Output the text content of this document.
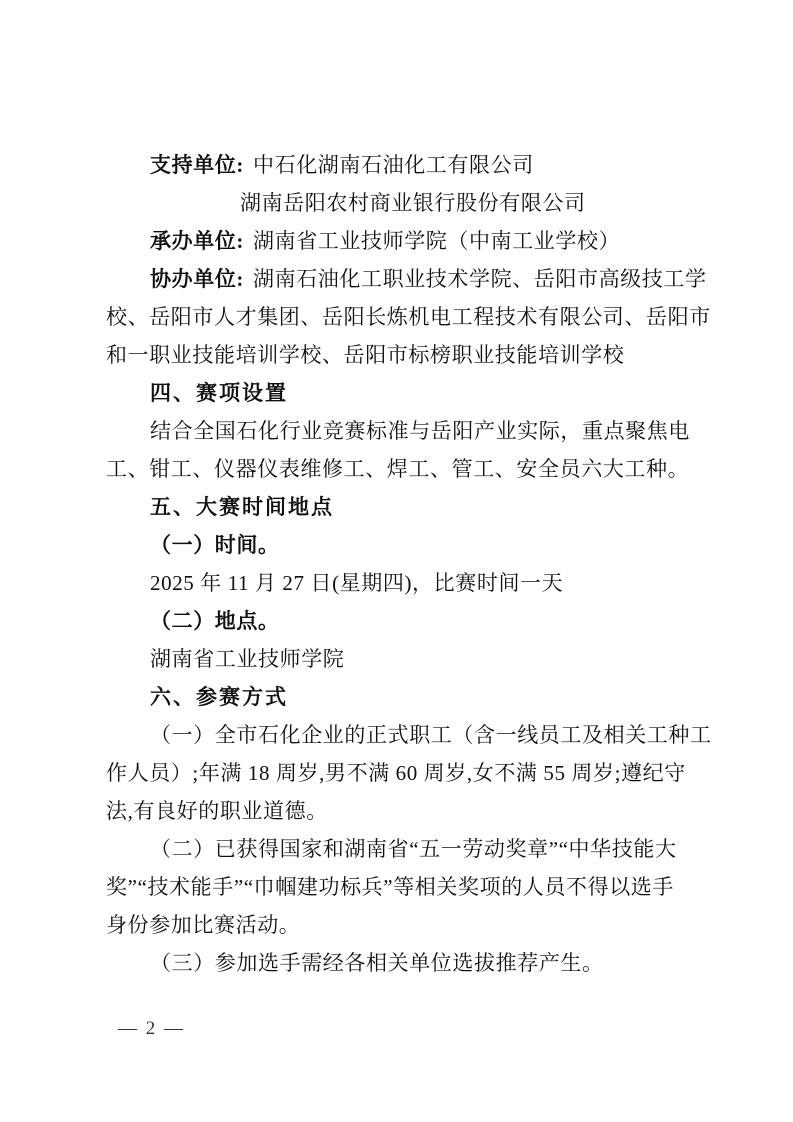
支持单位: 中石化湖南石油化工有限公司
湖南岳阳农村商业银行股份有限公司
承办单位: 湖南省工业技师学院（中南工业学校）
协办单位: 湖南石油化工职业技术学院、岳阳市高级技工学
校、岳阳市人才集团、岳阳长炼机电工程技术有限公司、岳阳市
和一职业技能培训学校、岳阳市标榜职业技能培训学校
四、赛项设置
结合全国石化行业竞赛标准与岳阳产业实际，重点聚焦电
工、钳工、仪器仪表维修工、焊工、管工、安全员六大工种。
五、大赛时间地点
（一）时间。
2025 年 11 月 27 日(星期四)，比赛时间一天
（二）地点。
湖南省工业技师学院
六、参赛方式
（一）全市石化企业的正式职工（含一线员工及相关工种工
作人员）;年满 18 周岁,男不满 60 周岁,女不满 55 周岁;遵纪守
法,有良好的职业道德。
（二）已获得国家和湖南省“五一劳动奖章”“中华技能大
奖”“技术能手”“巾帼建功标兵”等相关奖项的人员不得以选手
身份参加比赛活动。
（三）参加选手需经各相关单位选拔推荐产生。
— 2 —
